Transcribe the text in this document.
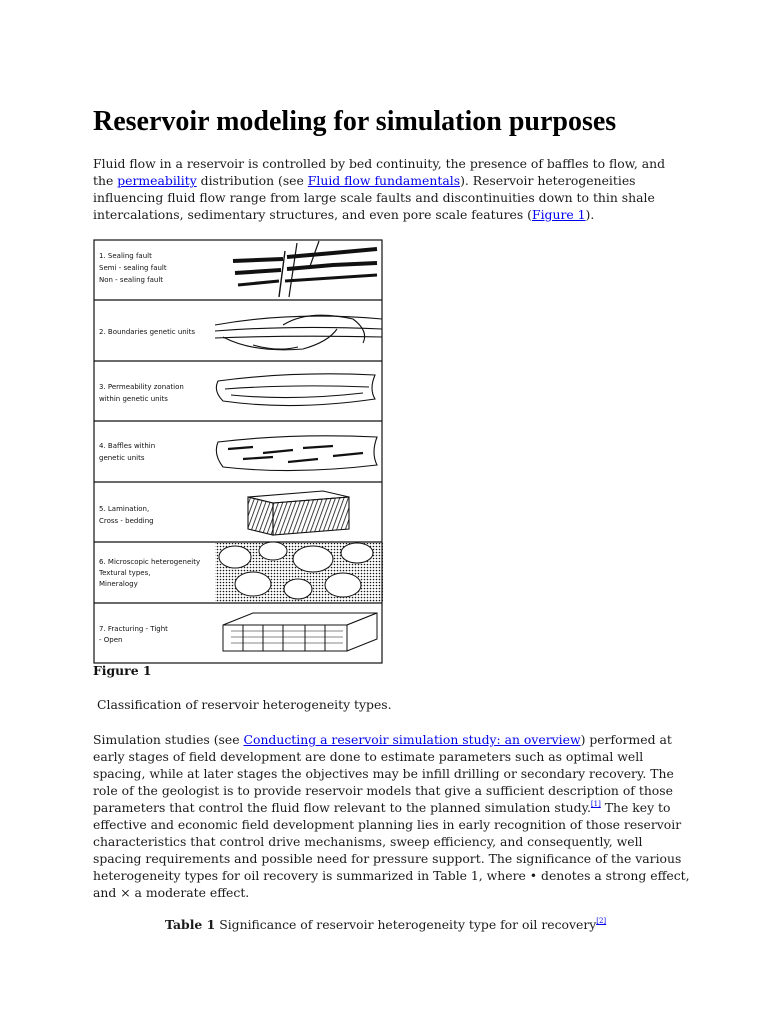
Reservoir modeling for simulation purposes

Fluid flow in a reservoir is controlled by bed continuity, the presence of baffles to flow, and
the permeability distribution (see Fluid flow fundamentals). Reservoir heterogeneities
influencing fluid flow range from large scale faults and discontinuities down to thin shale
intercalations, sedimentary structures, and even pore scale features (Figure 1).

1. Sealing fault
Semi - sealing fault
Non - sealing fault
2. Boundaries genetic units
3. Permeability zonation
within genetic units
4. Baffles within
genetic units
5. Lamination,
Cross - bedding
6. Microscopic heterogeneity
Textural types,
Mineralogy
7. Fracturing - Tight
- Open

Figure 1

Classification of reservoir heterogeneity types.

Simulation studies (see Conducting a reservoir simulation study: an overview) performed at
early stages of field development are done to estimate parameters such as optimal well
spacing, while at later stages the objectives may be infill drilling or secondary recovery. The
role of the geologist is to provide reservoir models that give a sufficient description of those
parameters that control the fluid flow relevant to the planned simulation study.[1] The key to
effective and economic field development planning lies in early recognition of those reservoir
characteristics that control drive mechanisms, sweep efficiency, and consequently, well
spacing requirements and possible need for pressure support. The significance of the various
heterogeneity types for oil recovery is summarized in Table 1, where • denotes a strong effect,
and × a moderate effect.

Table 1 Significance of reservoir heterogeneity type for oil recovery[2]
